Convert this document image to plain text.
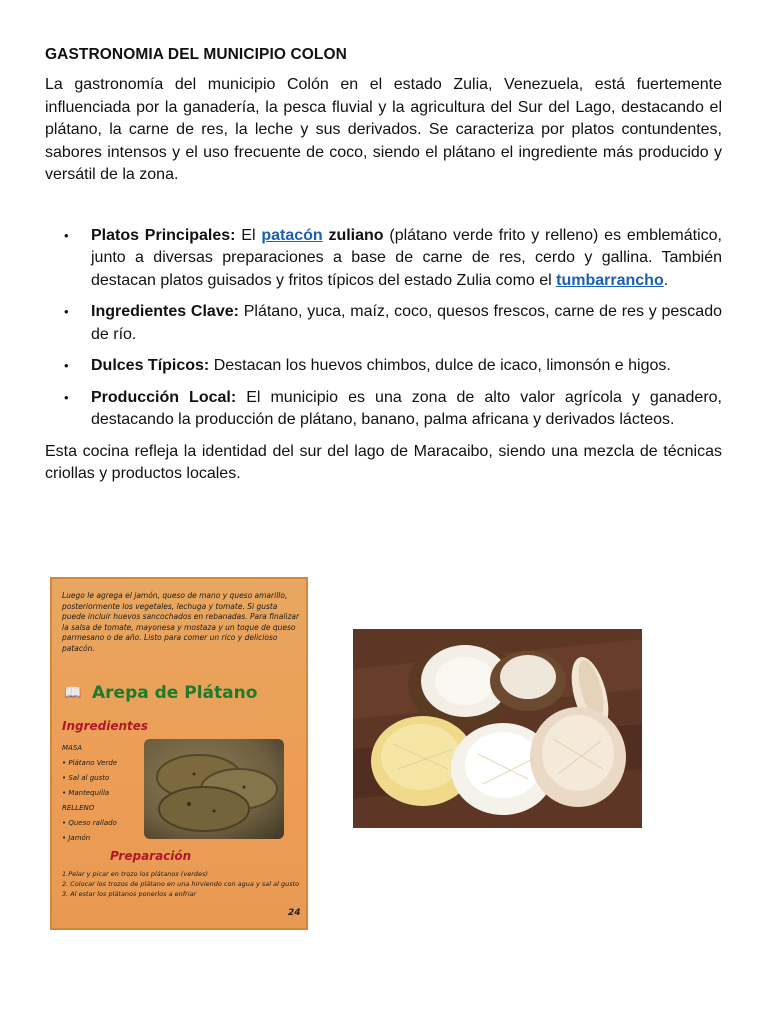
GASTRONOMIA DEL MUNICIPIO COLON

La gastronomía del municipio Colón en el estado Zulia, Venezuela, está fuertemente influenciada por la ganadería, la pesca fluvial y la agricultura del Sur del Lago, destacando el plátano, la carne de res, la leche y sus derivados. Se caracteriza por platos contundentes, sabores intensos y el uso frecuente de coco, siendo el plátano el ingrediente más producido y versátil de la zona.

• Platos Principales: El patacón zuliano (plátano verde frito y relleno) es emblemático, junto a diversas preparaciones a base de carne de res, cerdo y gallina. También destacan platos guisados y fritos típicos del estado Zulia como el tumbarrancho.
• Ingredientes Clave: Plátano, yuca, maíz, coco, quesos frescos, carne de res y pescado de río.
• Dulces Típicos: Destacan los huevos chimbos, dulce de icaco, limonsón e higos.
• Producción Local: El municipio es una zona de alto valor agrícola y ganadero, destacando la producción de plátano, banano, palma africana y derivados lácteos.

Esta cocina refleja la identidad del sur del lago de Maracaibo, siendo una mezcla de técnicas criollas y productos locales.

Luego le agrega el jamón, queso de mano y queso amarillo, posteriormente los vegetales, lechuga y tomate. Si gusta puede incluir huevos sancochados en rebanadas. Para finalizar la salsa de tomate, mayonesa y mostaza y un toque de queso parmesano o de año. Listo para comer un rico y delicioso patacón.
📖 Arepa de Plátano
Ingredientes
MASA
• Plátano Verde
• Sal al gusto
• Mantequilla
RELLENO
• Queso rallado
• Jamón
Preparación
1.Pelar y picar en trozo los plátanos (verdes)
2. Colocar los trozos de plátano en una hirviendo con agua y sal al gusto
3. Al estar los plátanos ponerlos a enfriar
24
